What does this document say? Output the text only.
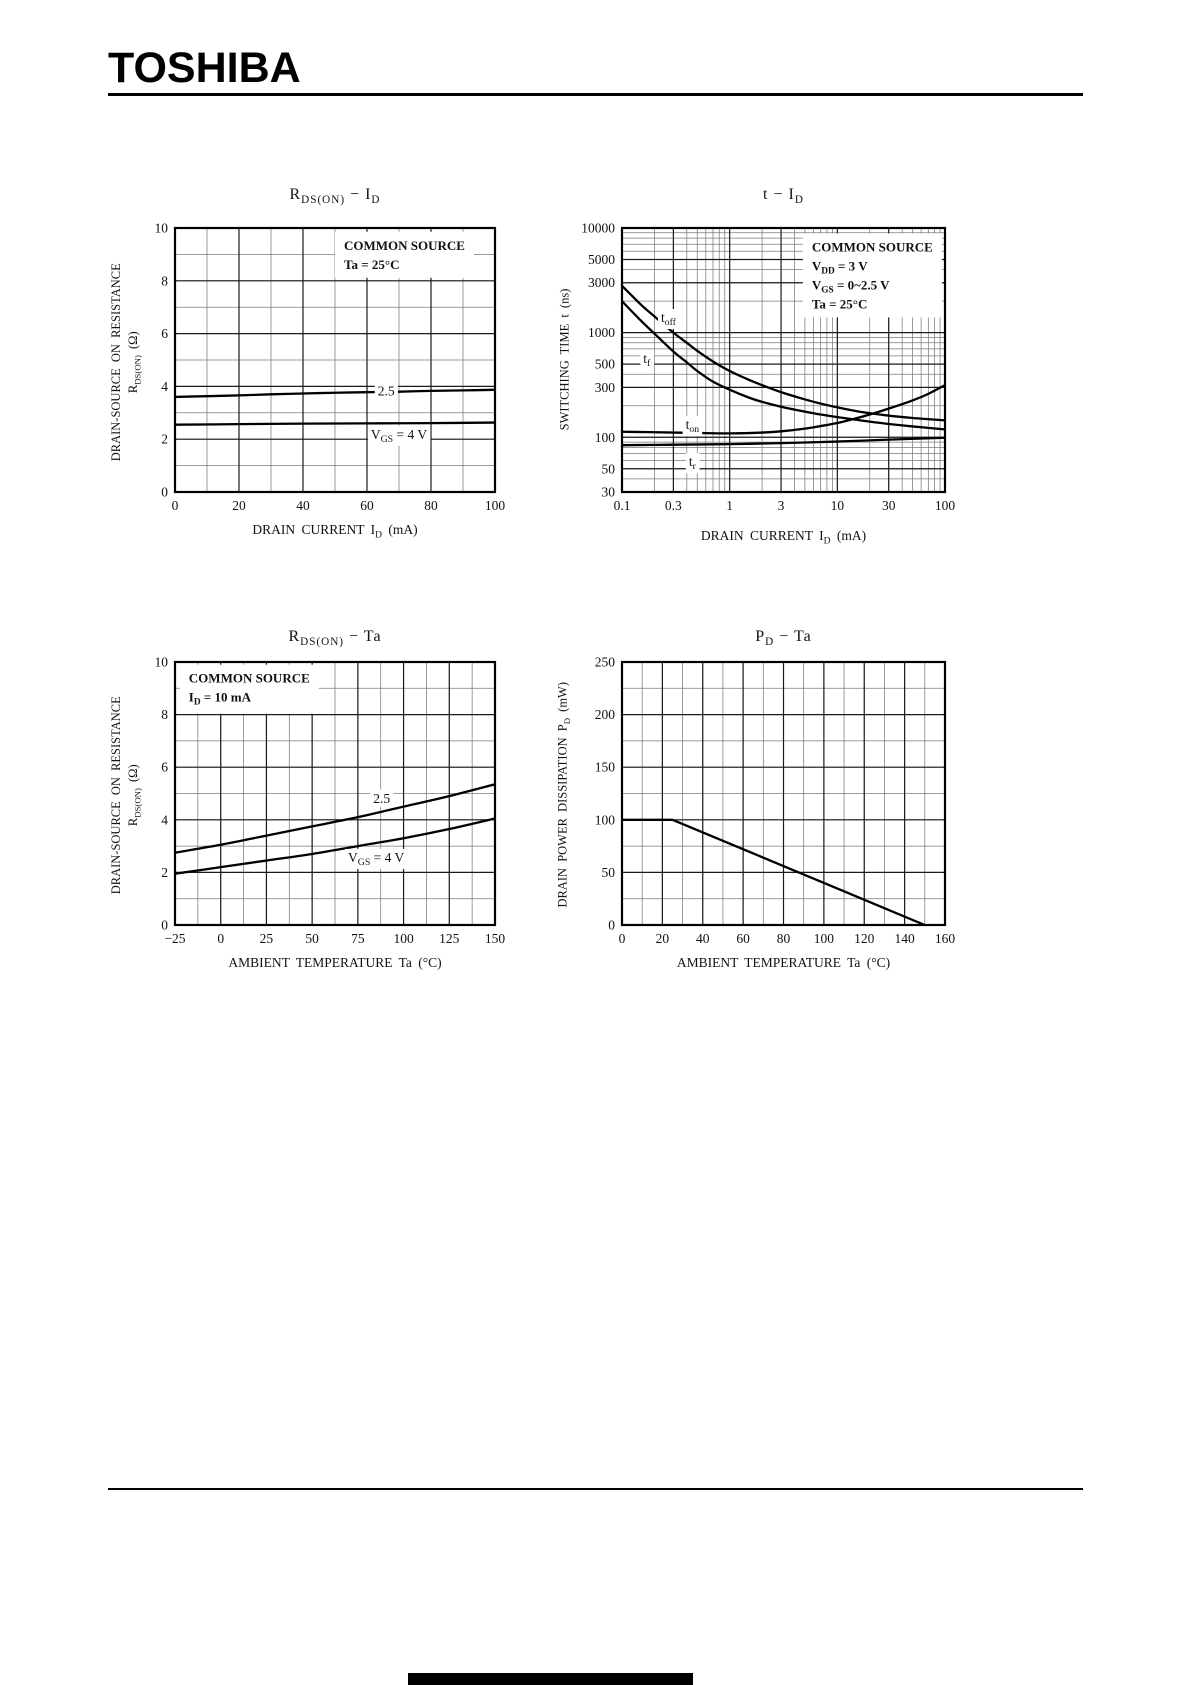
TOSHIBA
$R_{DS(ON)} - I_D$
DRAIN-SOURCE ON RESISTANCE $R_{DS(ON)}$ (Ω)
2.5
$V_{GS} = 4$ V
COMMON SOURCE
Ta = 25°C
0	20	40	60	80	100
0
2
4
6
8
10
DRAIN CURRENT $I_D$ (mA)
$t - I_D$
SWITCHING TIME t (ns)	$t_{off}$
$t_f$
$t_{on}$
$t_r$
COMMON SOURCE
$V_{DD} = 3$ V
$V_{GS}$ = 0~2.5 V
Ta = 25°C
0.1	0.3	1	3	10	30	100
30
50
100
300
500
1000
3000
5000
10000
DRAIN CURRENT $I_D$ (mA)
$R_{DS(ON)} - Ta$
DRAIN-SOURCE ON RESISTANCE $R_{DS(ON)}$ (Ω)
2.5
$V_{GS} = 4$ V
COMMON SOURCE
$I_D = 10$ mA
−25 0	25 50 75 100 125 150
0
2
4
6
8
10
AMBIENT TEMPERATURE Ta (°C)
$P_D - Ta$
DRAIN POWER DISSIPATION $P_D$ (mW)
0 20 40 60 80 100 120 140 160
0
50
100
150
200
250
AMBIENT TEMPERATURE Ta (°C)
